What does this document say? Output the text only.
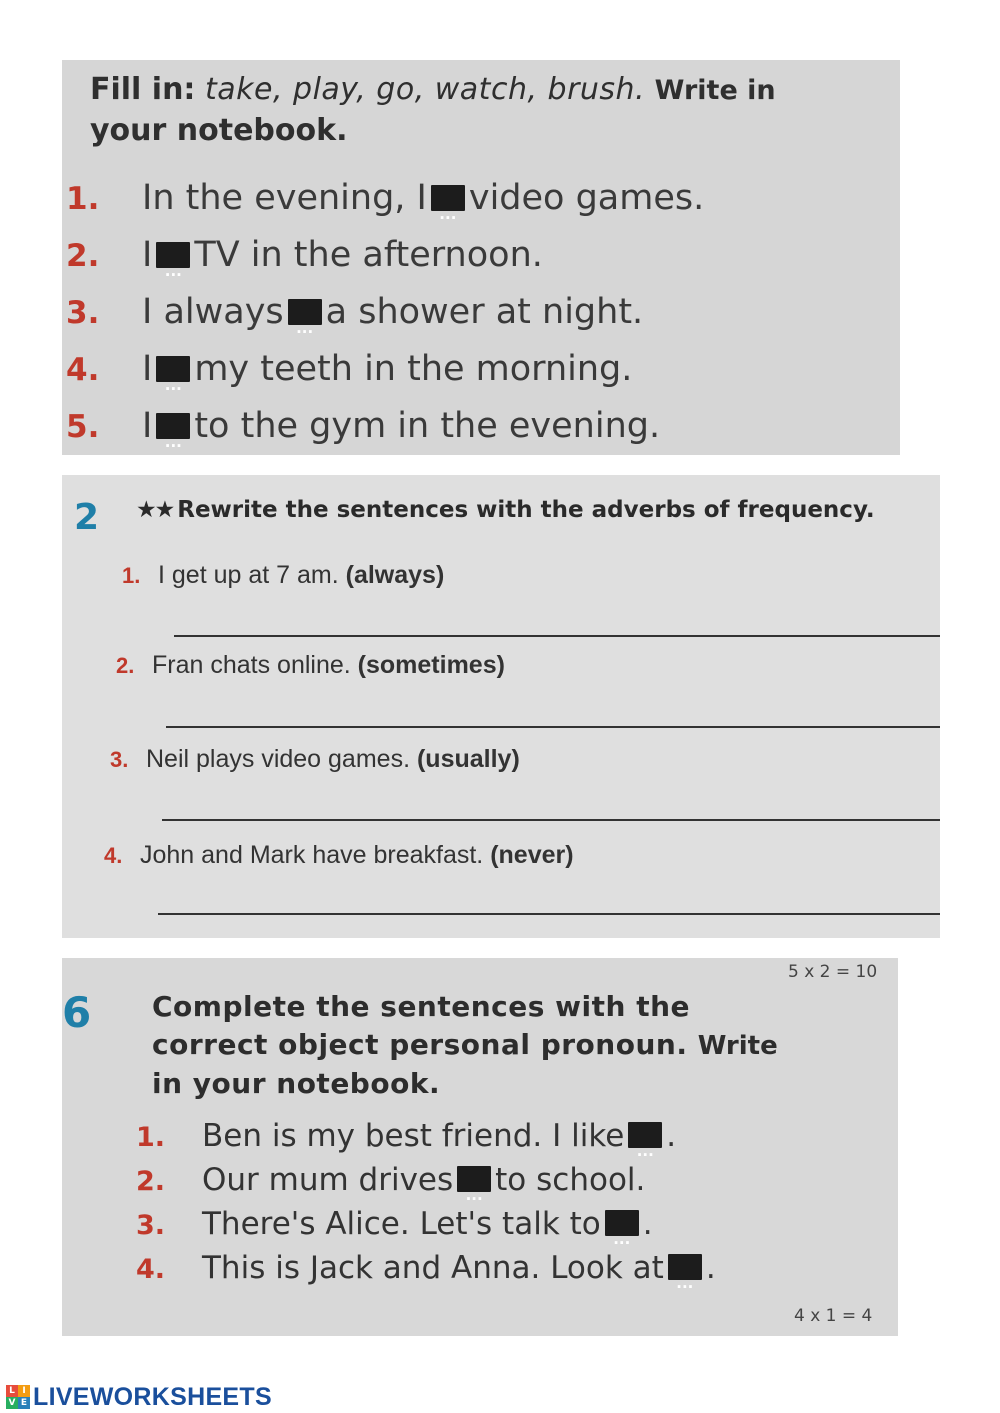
Fill in: take, play, go, watch, brush. Write in
your notebook.
1. In the evening, I ... video games.
2. I ... TV in the afternoon.
3. I always ... a shower at night.
4. I ... my teeth in the morning.
5. I ... to the gym in the evening.
2 ★★ Rewrite the sentences with the adverbs of frequency.
1. I get up at 7 am. (always)
2. Fran chats online. (sometimes)
3. Neil plays video games. (usually)
4. John and Mark have breakfast. (never)
5 x 2 = 10
6 Complete the sentences with the
correct object personal pronoun. Write
in your notebook.
1. Ben is my best friend. I like ... .
2. Our mum drives ... to school.
3. There's Alice. Let's talk to ... .
4. This is Jack and Anna. Look at ... .
4 x 1 = 4
L I
V E LIVEWORKSHEETS
